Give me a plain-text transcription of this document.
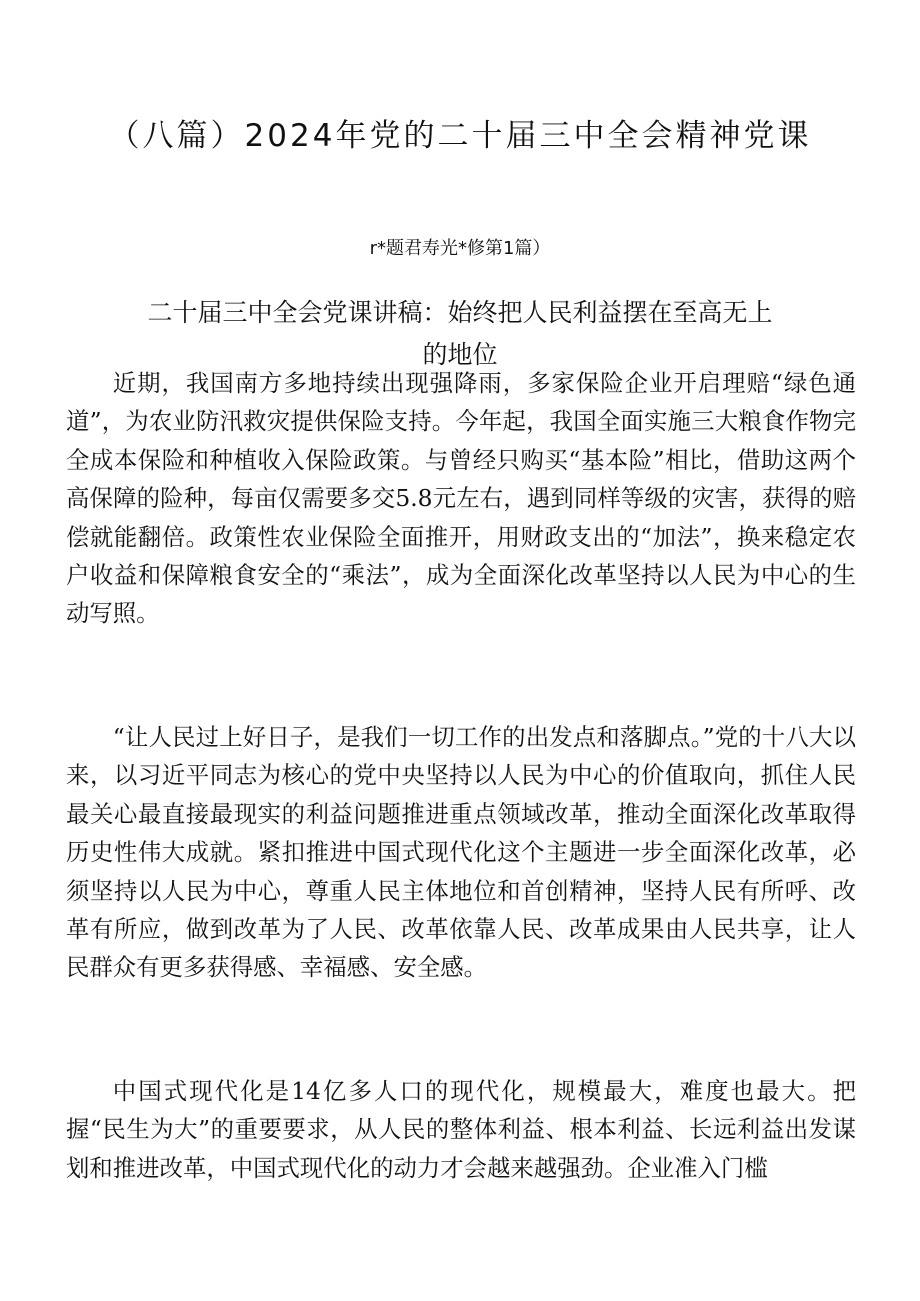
（八篇）2024年党的二十届三中全会精神党课
r*题君寿光*修第1篇）
二十届三中全会党课讲稿：始终把人民利益摆在至高无上
的地位

近期，我国南方多地持续出现强降雨，多家保险企业开启理赔“绿色通道”，为农业防汛救灾提供保险支持。今年起，我国全面实施三大粮食作物完全成本保险和种植收入保险政策。与曾经只购买“基本险”相比，借助这两个高保障的险种，每亩仅需要多交5.8元左右，遇到同样等级的灾害，获得的赔偿就能翻倍。政策性农业保险全面推开，用财政支出的“加法”，换来稳定农户收益和保障粮食安全的“乘法”，成为全面深化改革坚持以人民为中心的生动写照。

“让人民过上好日子，是我们一切工作的出发点和落脚点。”党的十八大以来，以习近平同志为核心的党中央坚持以人民为中心的价值取向，抓住人民最关心最直接最现实的利益问题推进重点领域改革，推动全面深化改革取得历史性伟大成就。紧扣推进中国式现代化这个主题进一步全面深化改革，必须坚持以人民为中心，尊重人民主体地位和首创精神，坚持人民有所呼、改革有所应，做到改革为了人民、改革依靠人民、改革成果由人民共享，让人民群众有更多获得感、幸福感、安全感。

中国式现代化是14亿多人口的现代化，规模最大，难度也最大。把握“民生为大”的重要要求，从人民的整体利益、根本利益、长远利益出发谋划和推进改革，中国式现代化的动力才会越来越强劲。企业准入门槛
